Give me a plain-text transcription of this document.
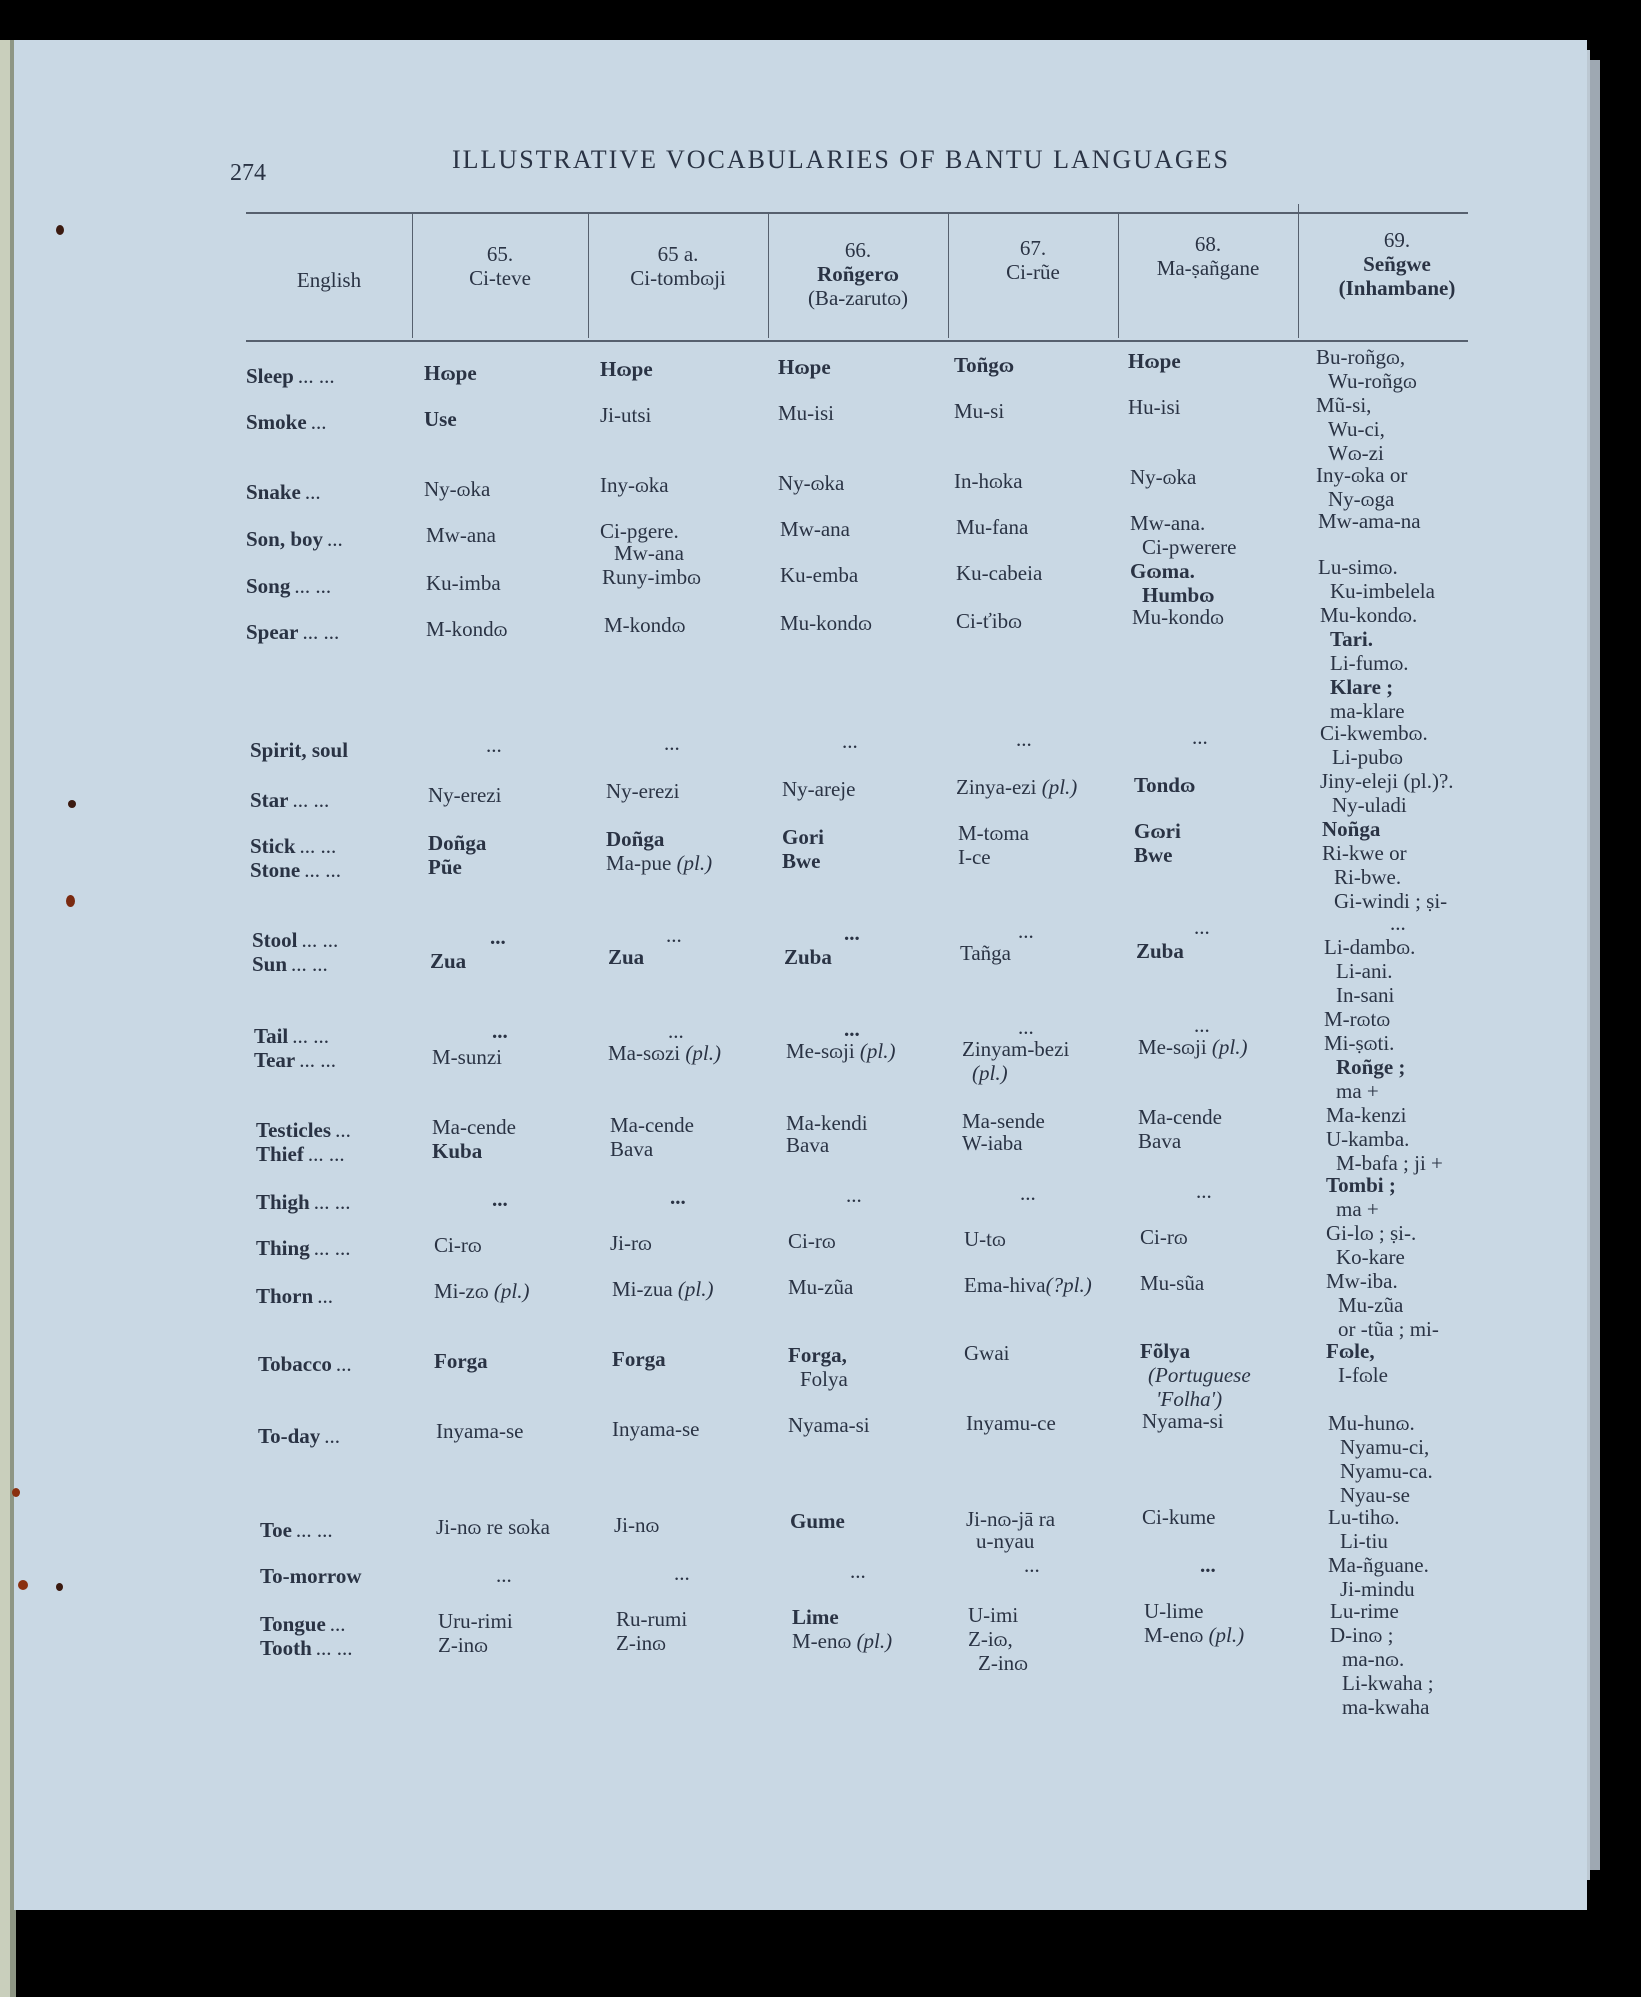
274	ILLUSTRATIVE VOCABULARIES OF BANTU LANGUAGES
English
65.
Ci-teve
65 a.
Ci-tombɷji
66.
Roñgerɷ
(Ba-zarutɷ)
67.
Ci-rũe
68.
Ma-ṣañgane
69.
Señgwe
(Inhambane)
Sleep ... ...
Smoke ...
Snake ...
Son, boy ...
Song ... ...
Spear ... ...
Spirit, soul
Star ... ...
Stick ... ...
Stone ... ...
Stool ... ...
Sun ... ...
Tail ... ...
Tear ... ...
Testicles ...
Thief ... ...
Thigh ... ...
Thing ... ...
Thorn ...
Tobacco ...
To-day ...
Toe ... ...
To-morrow
Tongue ...
Tooth ... ...
Hɷpe
Use
Ny-ɷka
Mw-ana
Ku-imba
M-kondɷ
...
Ny-erezi
Doñga
Pũe
...
Zua
...
M-sunzi
Ma-cende
Kuba
...
Ci-rɷ
Mi-zɷ (pl.)
Forga
Inyama-se
Ji-nɷ re sɷka
...
Uru-rimi
Z-inɷ
Hɷpe
Ji-utsi
Iny-ɷka
Ci-pgere.
Mw-ana
Runy-imbɷ
M-kondɷ
...
Ny-erezi
Doñga
Ma-pue (pl.)
...
Zua
...
Ma-sɷzi (pl.)
Ma-cende
Bava
...
Ji-rɷ
Mi-zua (pl.)
Forga
Inyama-se
Ji-nɷ
...
Ru-rumi
Z-inɷ
Hɷpe
Mu-isi
Ny-ɷka
Mw-ana
Ku-emba
Mu-kondɷ
...
Ny-areje
Gori
Bwe
...
Zuba
...
Me-sɷji (pl.)
Ma-kendi
Bava
...
Ci-rɷ
Mu-zũa
Forga,
Folya
Nyama-si
Gume
...
Lime
M-enɷ (pl.)
Toñgɷ
Mu-si
In-hɷka
Mu-fana
Ku-cabeia
Ci-ťibɷ
...
Zinya-ezi (pl.)
M-tɷma
I-ce
...
Tañga
...
Zinyam-bezi
(pl.)
Ma-sende
W-iaba
...
U-tɷ
Ema-hiva(?pl.)
Gwai
Inyamu-ce
Ji-nɷ-jā ra
u-nyau
...
U-imi
Z-iɷ,
Z-inɷ
Hɷpe
Hu-isi
Ny-ɷka
Mw-ana.
Ci-pwerere
Gɷma.
Humbɷ
Mu-kondɷ
...
Tondɷ
Gɷri
Bwe
...
Zuba
...
Me-sɷji (pl.)
Ma-cende
Bava
...
Ci-rɷ
Mu-sũa
Fõlya
(Portuguese
'Folha')
Nyama-si
Ci-kume
...
U-lime
M-enɷ (pl.)
Bu-roñgɷ,
Wu-roñgɷ
Mũ-si,
Wu-ci,
Wɷ-zi
Iny-ɷka or
Ny-ɷga
Mw-ama-na
Lu-simɷ.
Ku-imbelela
Mu-kondɷ.
Tari.
Li-fumɷ.
Klare ;
ma-klare
Ci-kwembɷ.
Li-pubɷ
Jiny-eleji (pl.)?.
Ny-uladi
Noñga
Ri-kwe or
Ri-bwe.
Gi-windi ; ṣi-
...
Li-dambɷ.
Li-ani.
In-sani
M-rɷtɷ
Mi-ṣɷti.
Roñge ;
ma +
Ma-kenzi
U-kamba.
M-bafa ; ji +
Tombi ;
ma +
Gi-lɷ ; ṣi-.
Ko-kare
Mw-iba.
Mu-zũa
or -tũa ; mi-
Fɷle,
I-fɷle
Mu-hunɷ.
Nyamu-ci,
Nyamu-ca.
Nyau-se
Lu-tihɷ.
Li-tiu
Ma-ñguane.
Ji-mindu
Lu-rime
D-inɷ ;
ma-nɷ.
Li-kwaha ;
ma-kwaha
